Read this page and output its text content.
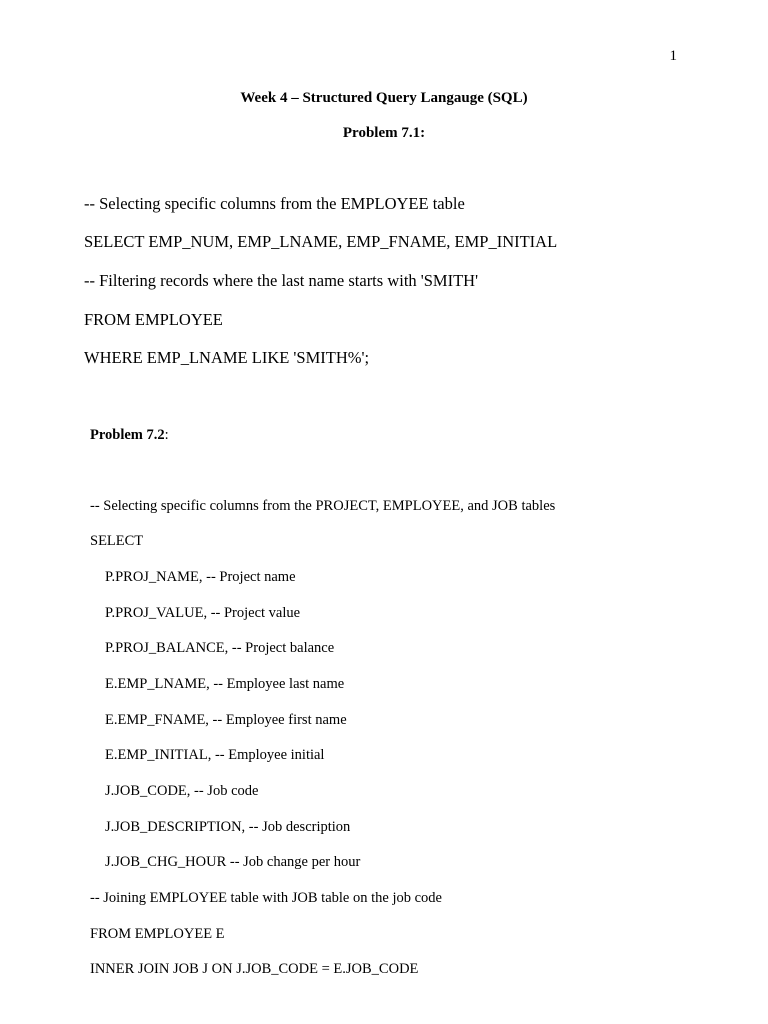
1
Week 4 – Structured Query Langauge (SQL)
Problem 7.1:
-- Selecting specific columns from the EMPLOYEE table
SELECT EMP_NUM, EMP_LNAME, EMP_FNAME, EMP_INITIAL
-- Filtering records where the last name starts with 'SMITH'
FROM EMPLOYEE
WHERE EMP_LNAME LIKE 'SMITH%';
Problem 7.2:
-- Selecting specific columns from the PROJECT, EMPLOYEE, and JOB tables
SELECT
P.PROJ_NAME, -- Project name
P.PROJ_VALUE, -- Project value
P.PROJ_BALANCE, -- Project balance
E.EMP_LNAME, -- Employee last name
E.EMP_FNAME, -- Employee first name
E.EMP_INITIAL, -- Employee initial
J.JOB_CODE, -- Job code
J.JOB_DESCRIPTION, -- Job description
J.JOB_CHG_HOUR -- Job change per hour
-- Joining EMPLOYEE table with JOB table on the job code
FROM EMPLOYEE E
INNER JOIN JOB J ON J.JOB_CODE = E.JOB_CODE
